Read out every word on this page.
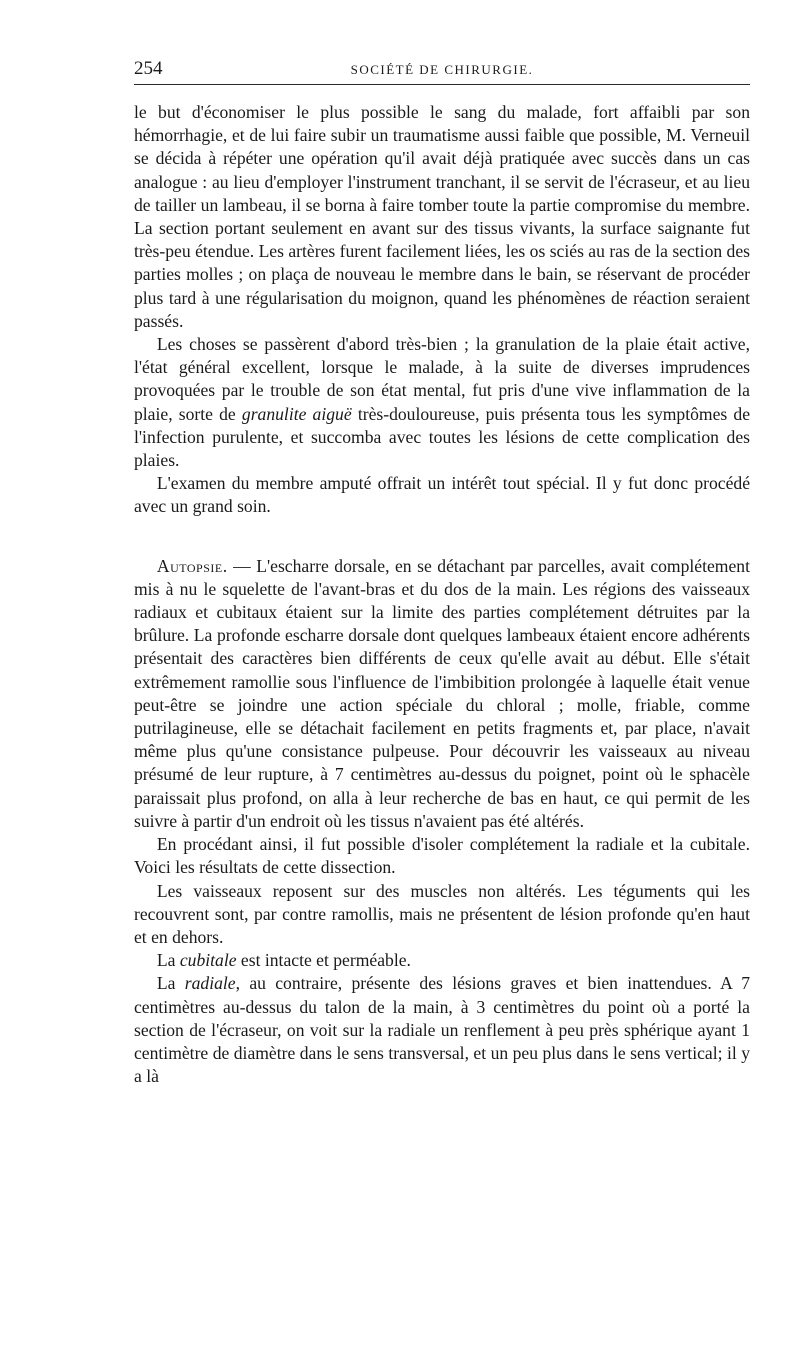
254	SOCIÉTÉ DE CHIRURGIE.

le but d'économiser le plus possible le sang du malade, fort affaibli par son hémorrhagie, et de lui faire subir un traumatisme aussi faible que possible, M. Verneuil se décida à répéter une opération qu'il avait déjà pratiquée avec succès dans un cas analogue : au lieu d'employer l'instrument tranchant, il se servit de l'écraseur, et au lieu de tailler un lambeau, il se borna à faire tomber toute la partie compromise du membre. La section portant seulement en avant sur des tissus vivants, la surface saignante fut très-peu étendue. Les artères furent facilement liées, les os sciés au ras de la section des parties molles ; on plaça de nouveau le membre dans le bain, se réservant de procéder plus tard à une régularisation du moignon, quand les phénomènes de réaction seraient passés.

Les choses se passèrent d'abord très-bien ; la granulation de la plaie était active, l'état général excellent, lorsque le malade, à la suite de diverses imprudences provoquées par le trouble de son état mental, fut pris d'une vive inflammation de la plaie, sorte de granulite aiguë très-douloureuse, puis présenta tous les symptômes de l'infection purulente, et succomba avec toutes les lésions de cette complication des plaies.

L'examen du membre amputé offrait un intérêt tout spécial. Il y fut donc procédé avec un grand soin.

Autopsie. — L'escharre dorsale, en se détachant par parcelles, avait complétement mis à nu le squelette de l'avant-bras et du dos de la main. Les régions des vaisseaux radiaux et cubitaux étaient sur la limite des parties complétement détruites par la brûlure. La profonde escharre dorsale dont quelques lambeaux étaient encore adhérents présentait des caractères bien différents de ceux qu'elle avait au début. Elle s'était extrêmement ramollie sous l'influence de l'imbibition prolongée à laquelle était venue peut-être se joindre une action spéciale du chloral ; molle, friable, comme putrilagineuse, elle se détachait facilement en petits fragments et, par place, n'avait même plus qu'une consistance pulpeuse. Pour découvrir les vaisseaux au niveau présumé de leur rupture, à 7 centimètres au-dessus du poignet, point où le sphacèle paraissait plus profond, on alla à leur recherche de bas en haut, ce qui permit de les suivre à partir d'un endroit où les tissus n'avaient pas été altérés.

En procédant ainsi, il fut possible d'isoler complétement la radiale et la cubitale. Voici les résultats de cette dissection.

Les vaisseaux reposent sur des muscles non altérés. Les téguments qui les recouvrent sont, par contre ramollis, mais ne présentent de lésion profonde qu'en haut et en dehors.

La cubitale est intacte et perméable.

La radiale, au contraire, présente des lésions graves et bien inattendues. A 7 centimètres au-dessus du talon de la main, à 3 centimètres du point où a porté la section de l'écraseur, on voit sur la radiale un renflement à peu près sphérique ayant 1 centimètre de diamètre dans le sens transversal, et un peu plus dans le sens vertical; il y a là
